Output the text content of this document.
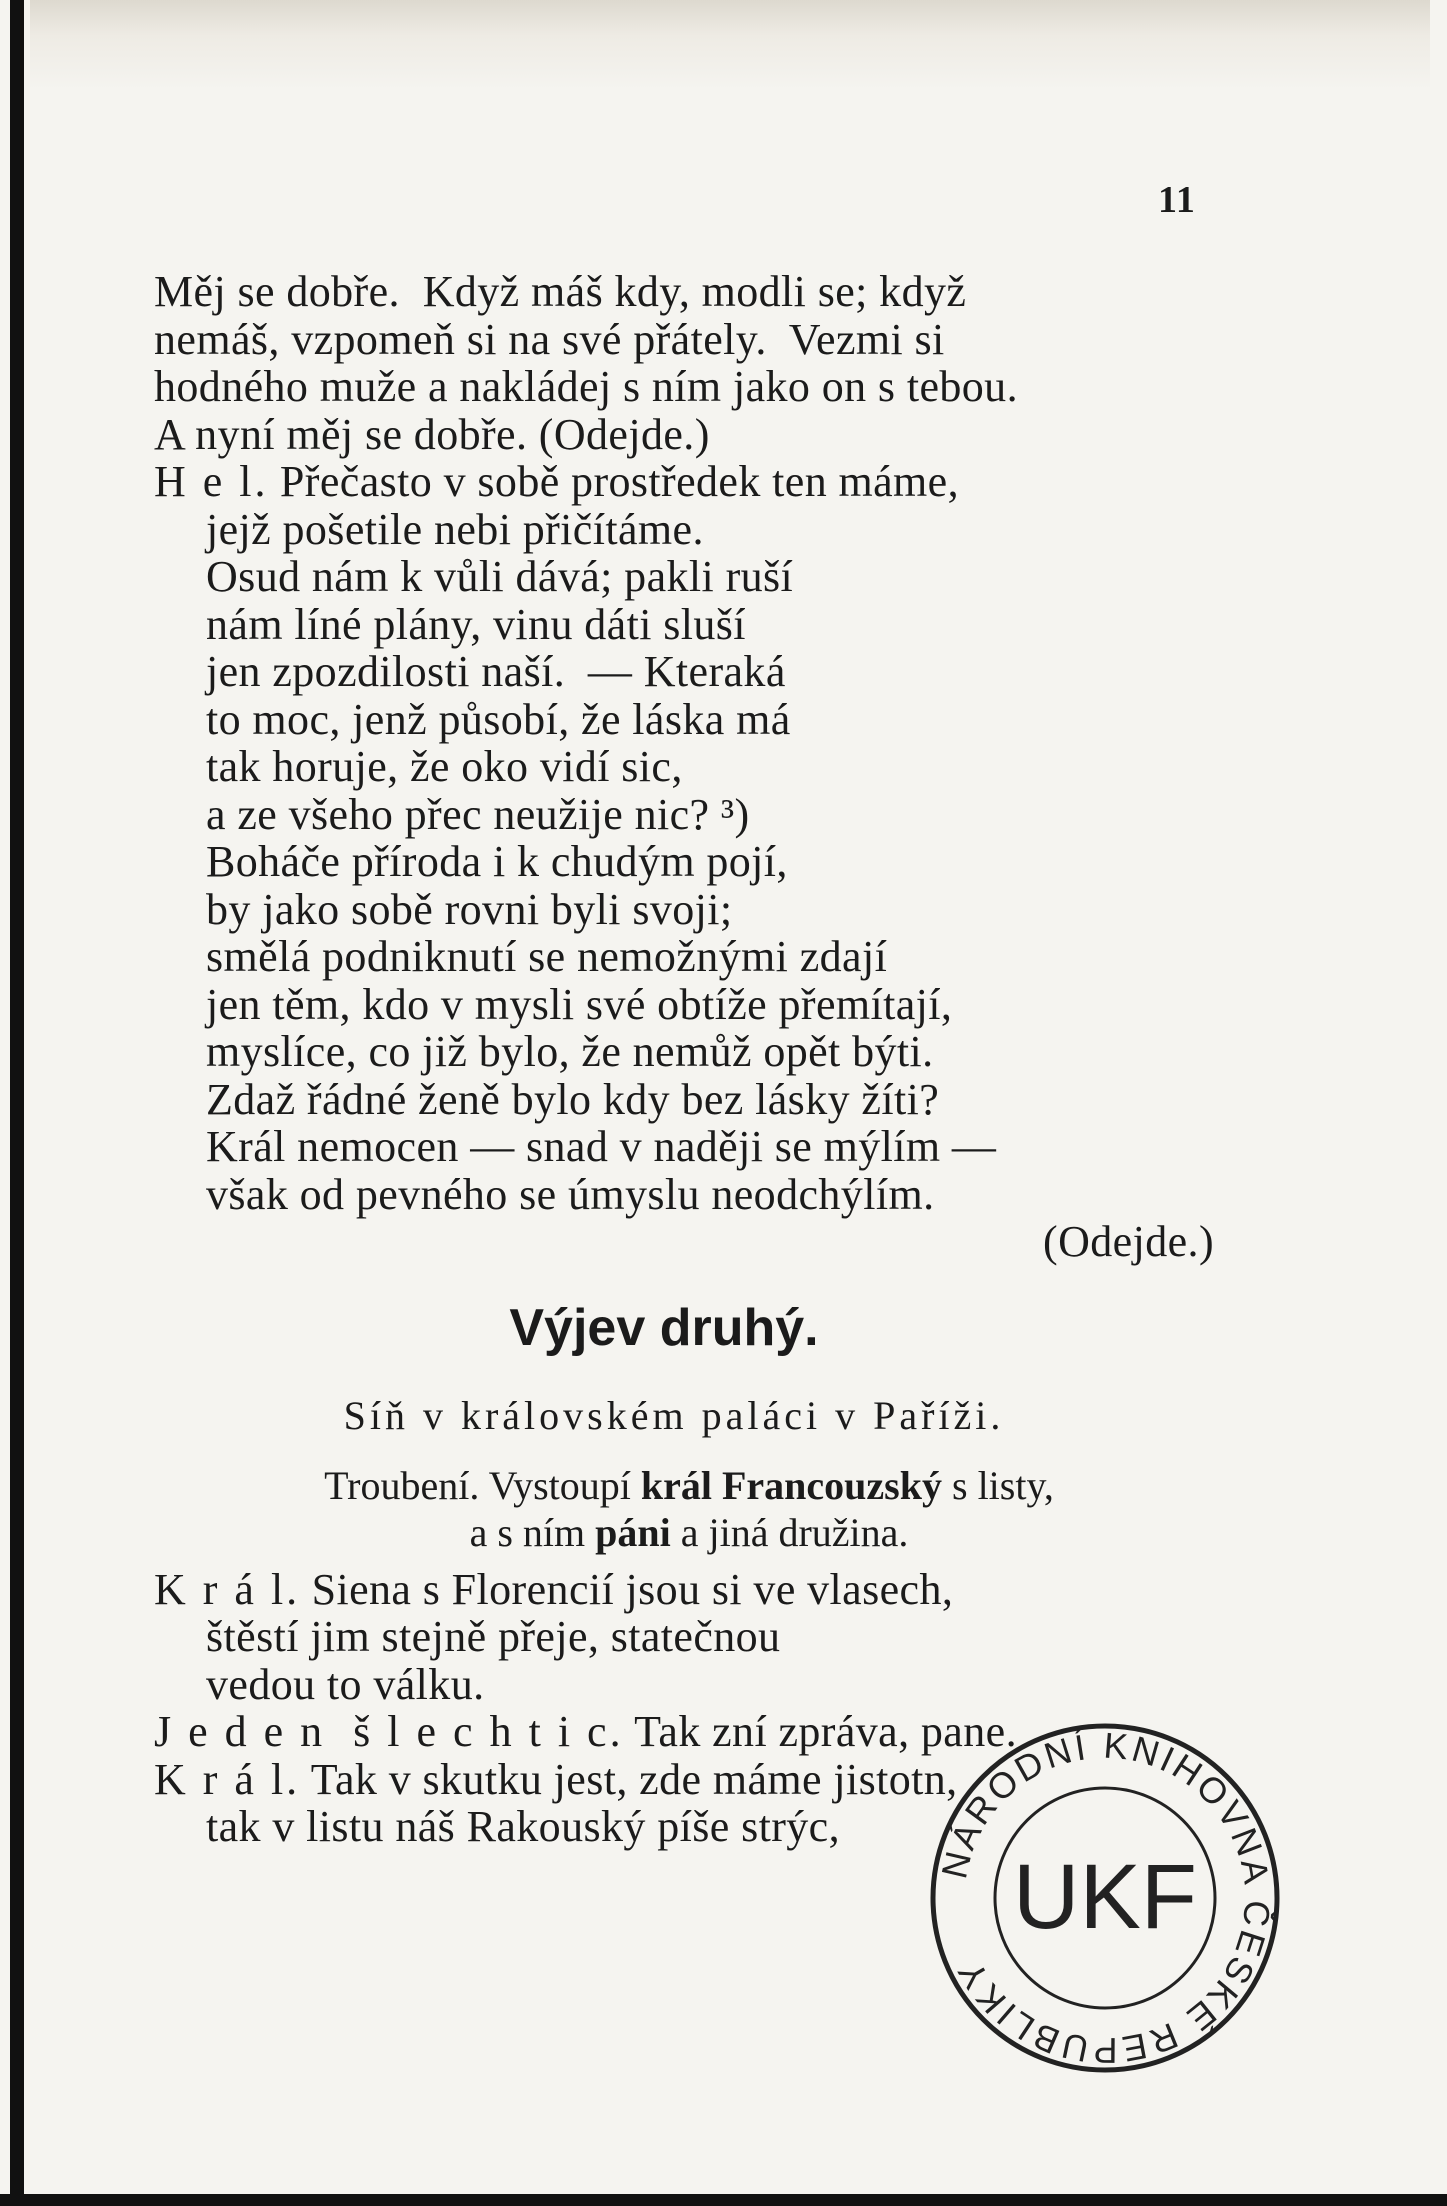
11
Měj se dobře.  Když máš kdy, modli se; když
nemáš, vzpomeň si na své přátely.  Vezmi si
hodného muže a nakládej s ním jako on s tebou.
A nyní měj se dobře. (Odejde.)
H e l. Přečasto v sobě prostředek ten máme,
jejž pošetile nebi přičítáme.
Osud nám k vůli dává; pakli ruší
nám líné plány, vinu dáti sluší
jen zpozdilosti naší.  — Kteraká
to moc, jenž působí, že láska má
tak horuje, že oko vidí sic,
a ze všeho přec neužije nic? ³)
Boháče příroda i k chudým pojí,
by jako sobě rovni byli svoji;
smělá podniknutí se nemožnými zdají
jen těm, kdo v mysli své obtíže přemítají,
myslíce, co již bylo, že nemůž opět býti.
Zdaž řádné ženě bylo kdy bez lásky žíti?
Král nemocen — snad v naději se mýlím —
však od pevného se úmyslu neodchýlím.
(Odejde.)
Výjev druhý.
Síň v královském paláci v Paříži.
Troubení. Vystoupí král Francouzský s listy,
a s ním páni a jiná družina.
K r á l. Siena s Florencií jsou si ve vlasech,
štěstí jim stejně přeje, statečnou
vedou to válku.
J e d e n  š l e c h t i c. Tak zní zpráva, pane.
K r á l. Tak v skutku jest, zde máme jistotn,
tak v listu náš Rakouský píše strýc,
NÁRODNÍ KNIHOVNA ČESKÉ REPUBLIKY
UKF
